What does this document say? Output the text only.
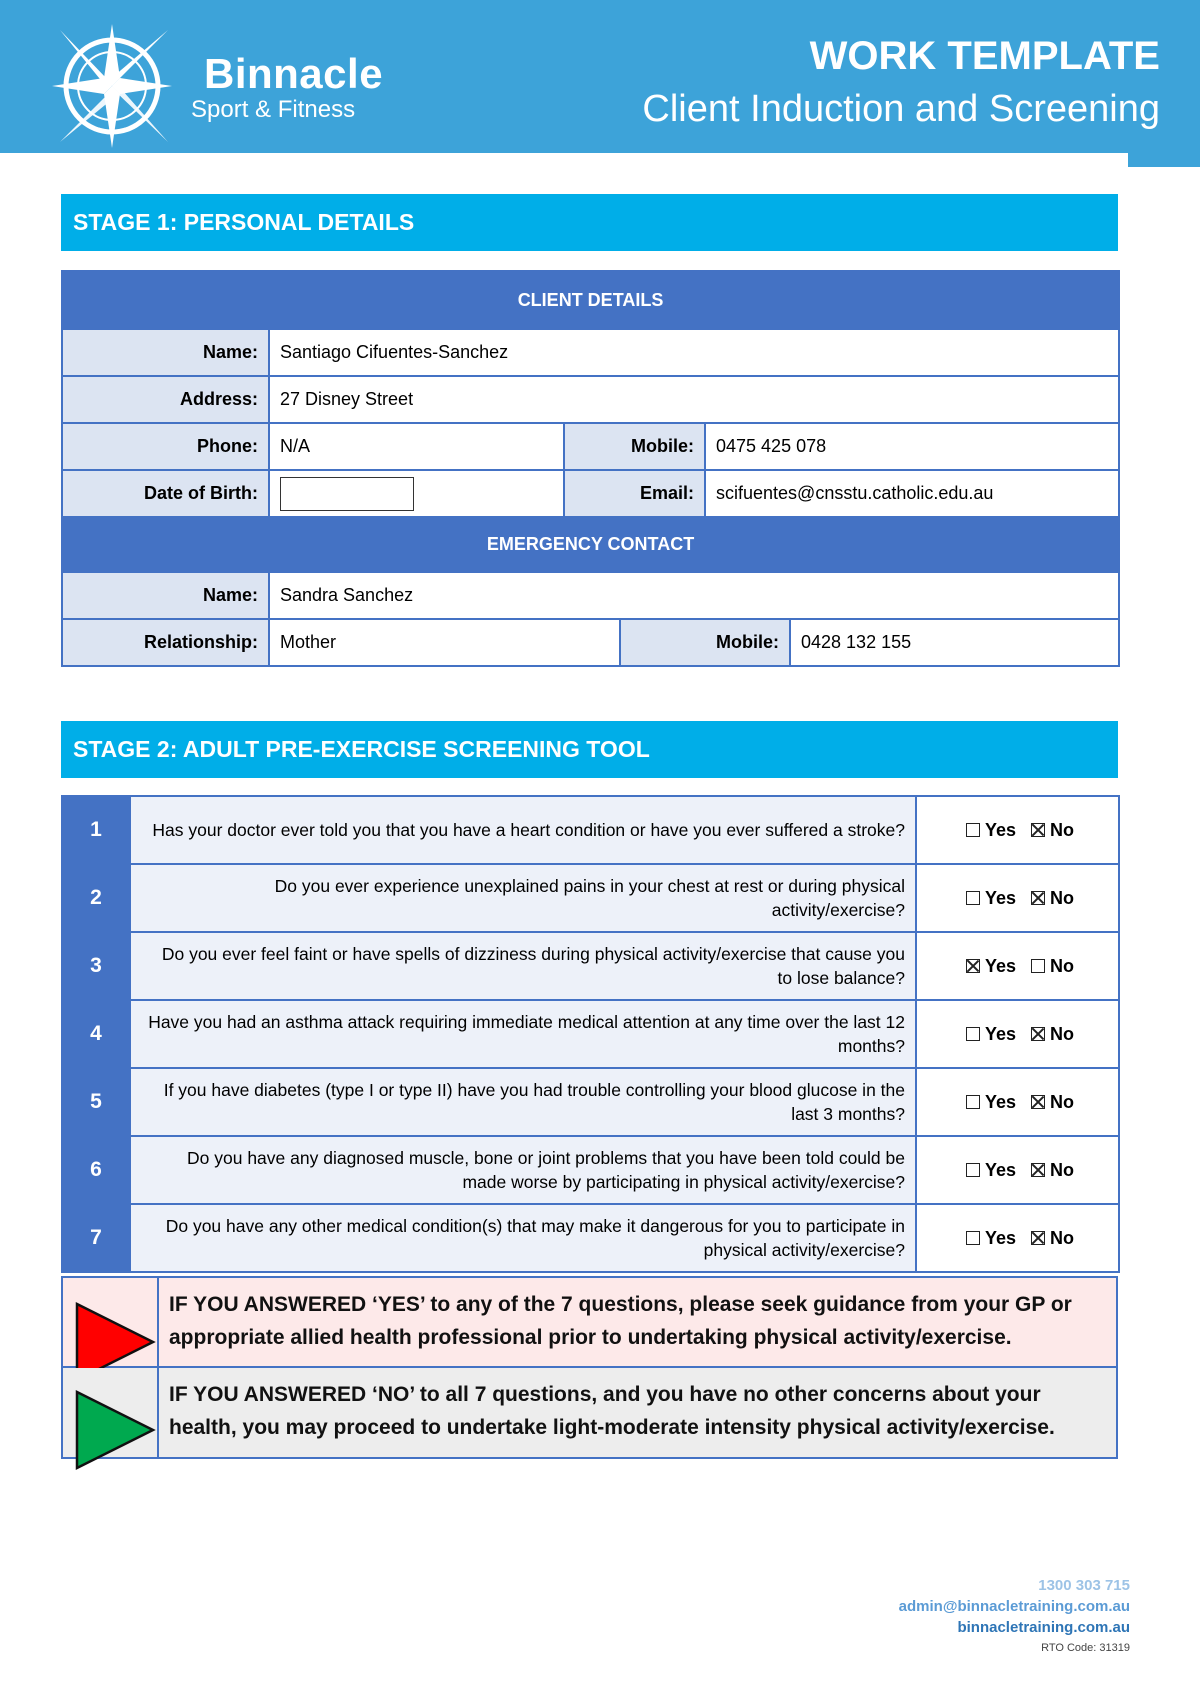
Binnacle
Sport & Fitness
WORK TEMPLATE
Client Induction and Screening
STAGE 1: PERSONAL DETAILS
CLIENT DETAILS					
Name:	Santiago Cifuentes-Sanchez				
Address:	27 Disney Street				
Phone:	N/A	Mobile:		0475 425 078	
Date of Birth:		Email:		scifuentes@cnsstu.catholic.edu.au	
EMERGENCY CONTACT					
Name:	Sandra Sanchez				
Relationship:	Mother		Mobile:		0428 132 155
STAGE 2: ADULT PRE-EXERCISE SCREENING TOOL
1	Has your doctor ever told you that you have a heart condition or have you ever suffered a stroke?	Yes No
2	Do you ever experience unexplained pains in your chest at rest or during physical activity/exercise?	Yes No
3	Do you ever feel faint or have spells of dizziness during physical activity/exercise that cause you to lose balance?	Yes No
4	Have you had an asthma attack requiring immediate medical attention at any time over the last 12 months?	Yes No
5	If you have diabetes (type I or type II) have you had trouble controlling your blood glucose in the last 3 months?	Yes No
6	Do you have any diagnosed muscle, bone or joint problems that you have been told could be made worse by participating in physical activity/exercise?	Yes No
7	Do you have any other medical condition(s) that may make it dangerous for you to participate in physical activity/exercise?	Yes No
IF YOU ANSWERED ‘YES’ to any of the 7 questions, please seek guidance from your GP or appropriate allied health professional prior to undertaking physical activity/exercise.
IF YOU ANSWERED ‘NO’ to all 7 questions, and you have no other concerns about your health, you may proceed to undertake light-moderate intensity physical activity/exercise.
1300 303 715
admin@binnacletraining.com.au
binnacletraining.com.au
RTO Code: 31319
